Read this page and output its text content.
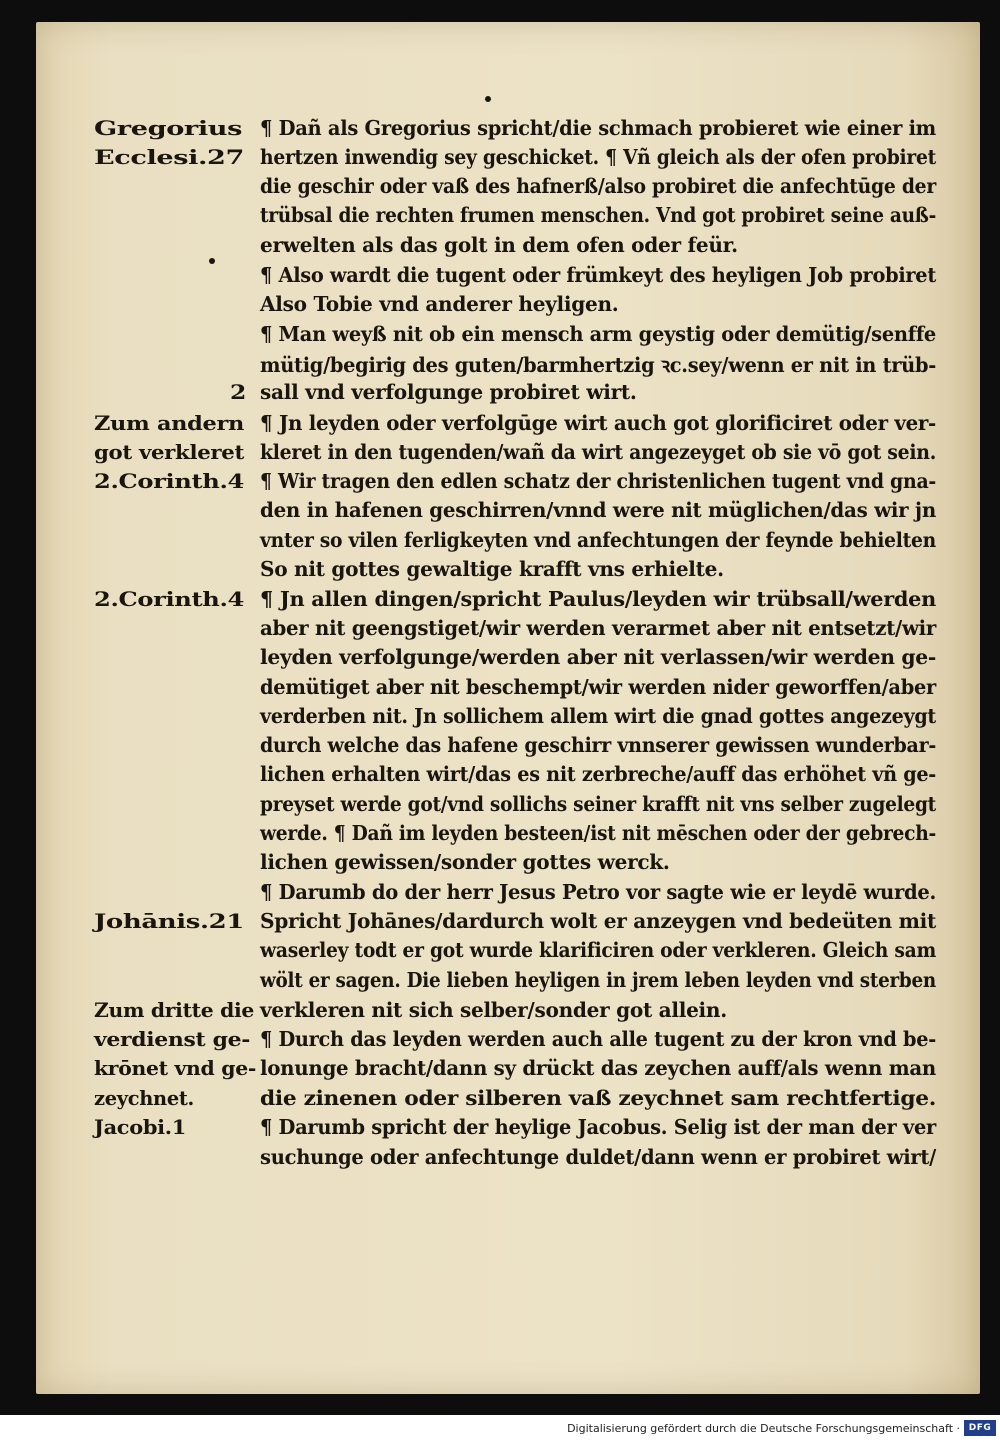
Gregorius
Ecclesi.27
2
Zum andern
got verkleret
2.Corinth.4
2.Corinth.4
Johānis.21
Zum dritte die
verdienst ge-
krōnet vnd ge-
zeychnet.
Jacobi.1
¶ Dañ als Gregorius spricht/die schmach probieret wie einer im
hertzen inwendig sey geschicket. ¶ Vñ gleich als der ofen probiret
die geschir oder vaß des hafnerß/also probiret die anfechtūge der
trübsal die rechten frumen menschen. Vnd got probiret seine auß-
erwelten als das golt in dem ofen oder feür.
¶ Also wardt die tugent oder frümkeyt des heyligen Job probiret
Also Tobie vnd anderer heyligen.
¶ Man weyß nit ob ein mensch arm geystig oder demütig/senffe
mütig/begirig des guten/barmhertzig ꝛc.sey/wenn er nit in trüb-
sall vnd verfolgunge probiret wirt.
¶ Jn leyden oder verfolgūge wirt auch got glorificiret oder ver-
kleret in den tugenden/wañ da wirt angezeyget ob sie vō got sein.
¶ Wir tragen den edlen schatz der christenlichen tugent vnd gna-
den in hafenen geschirren/vnnd were nit müglichen/das wir jn
vnter so vilen ferligkeyten vnd anfechtungen der feynde behielten
So nit gottes gewaltige krafft vns erhielte.
¶ Jn allen dingen/spricht Paulus/leyden wir trübsall/werden
aber nit geengstiget/wir werden verarmet aber nit entsetzt/wir
leyden verfolgunge/werden aber nit verlassen/wir werden ge-
demütiget aber nit beschempt/wir werden nider geworffen/aber
verderben nit. Jn sollichem allem wirt die gnad gottes angezeygt
durch welche das hafene geschirr vnnserer gewissen wunderbar-
lichen erhalten wirt/das es nit zerbreche/auff das erhöhet vñ ge-
preyset werde got/vnd sollichs seiner krafft nit vns selber zugelegt
werde. ¶ Dañ im leyden besteen/ist nit mēschen oder der gebrech-
lichen gewissen/sonder gottes werck.
¶ Darumb do der herr Jesus Petro vor sagte wie er leydē wurde.
Spricht Johānes/dardurch wolt er anzeygen vnd bedeüten mit
waserley todt er got wurde klarificiren oder verkleren. Gleich sam
wölt er sagen. Die lieben heyligen in jrem leben leyden vnd sterben
verkleren nit sich selber/sonder got allein.
¶ Durch das leyden werden auch alle tugent zu der kron vnd be-
lonunge bracht/dann sy drückt das zeychen auff/als wenn man
die zinenen oder silberen vaß zeychnet sam rechtfertige.
¶ Darumb spricht der heylige Jacobus. Selig ist der man der ver
suchunge oder anfechtunge duldet/dann wenn er probiret wirt/
Digitalisierung gefördert durch die Deutsche Forschungsgemeinschaft · DFG
